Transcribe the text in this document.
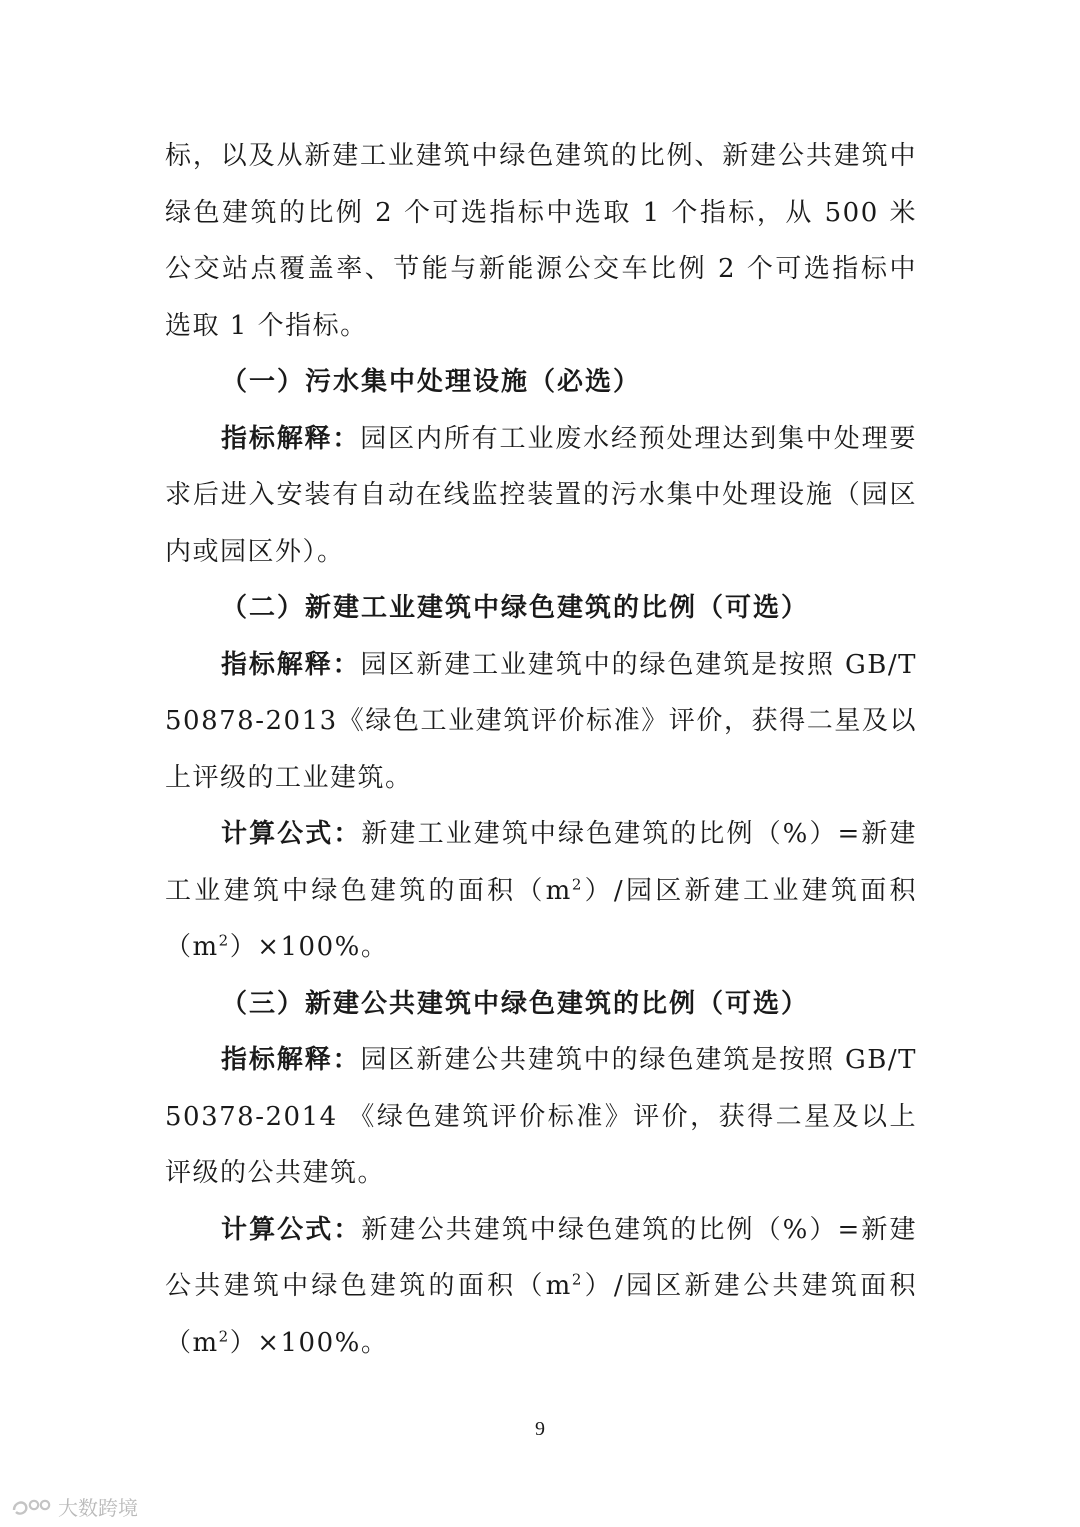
标，以及从新建工业建筑中绿色建筑的比例、新建公共建筑中绿色建筑的比例 2 个可选指标中选取 1 个指标，从 500 米公交站点覆盖率、节能与新能源公交车比例 2 个可选指标中选取 1 个指标。

（一）污水集中处理设施（必选）

指标解释：园区内所有工业废水经预处理达到集中处理要求后进入安装有自动在线监控装置的污水集中处理设施（园区内或园区外）。

（二）新建工业建筑中绿色建筑的比例（可选）

指标解释：园区新建工业建筑中的绿色建筑是按照 GB/T 50878-2013《绿色工业建筑评价标准》评价，获得二星及以上评级的工业建筑。

计算公式：新建工业建筑中绿色建筑的比例（%）=新建工业建筑中绿色建筑的面积$(m^2)/$园区新建工业建筑面积$(m^2)\times 100\%$。

（三）新建公共建筑中绿色建筑的比例（可选）

指标解释：园区新建公共建筑中的绿色建筑是按照 GB/T 50378-2014 《绿色建筑评价标准》评价，获得二星及以上评级的公共建筑。

计算公式：新建公共建筑中绿色建筑的比例（%）=新建公共建筑中绿色建筑的面积$(m^2)/$园区新建公共建筑面积$(m^2)\times 100\%$。

9
大数跨境
